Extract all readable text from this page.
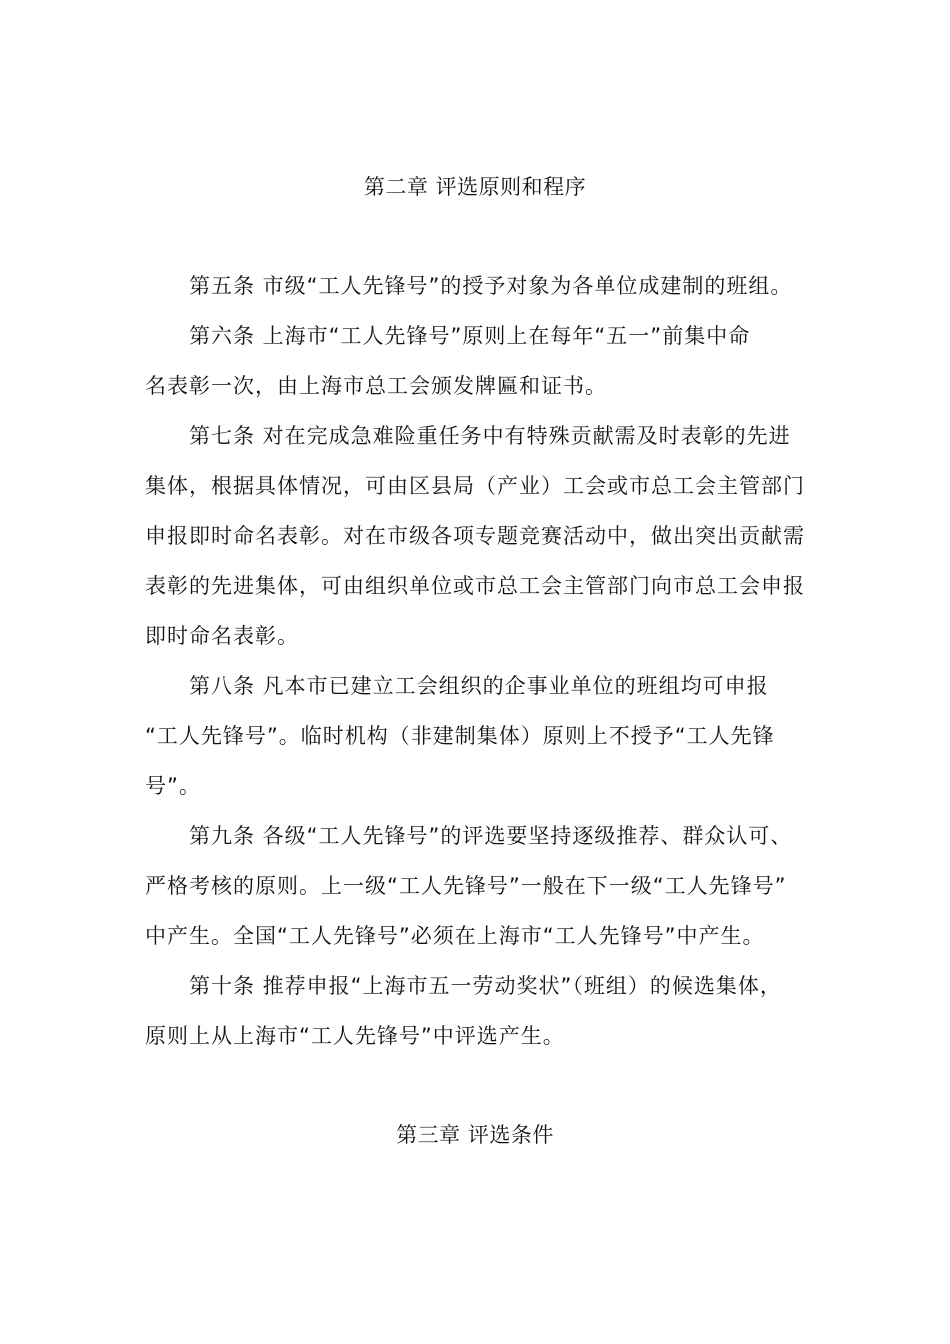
第二章 评选原则和程序
第五条 市级“工人先锋号”的授予对象为各单位成建制的班组。
第六条 上海市“工人先锋号”原则上在每年“五一”前集中命
名表彰一次，由上海市总工会颁发牌匾和证书。
第七条 对在完成急难险重任务中有特殊贡献需及时表彰的先进
集体，根据具体情况，可由区县局（产业）工会或市总工会主管部门
申报即时命名表彰。对在市级各项专题竞赛活动中，做出突出贡献需
表彰的先进集体，可由组织单位或市总工会主管部门向市总工会申报
即时命名表彰。
第八条 凡本市已建立工会组织的企事业单位的班组均可申报
“工人先锋号”。临时机构（非建制集体）原则上不授予“工人先锋
号”。
第九条 各级“工人先锋号”的评选要坚持逐级推荐、群众认可、
严格考核的原则。上一级“工人先锋号”一般在下一级“工人先锋号”
中产生。全国“工人先锋号”必须在上海市“工人先锋号”中产生。
第十条 推荐申报“上海市五一劳动奖状”（班组）的候选集体，
原则上从上海市“工人先锋号”中评选产生。
第三章 评选条件
